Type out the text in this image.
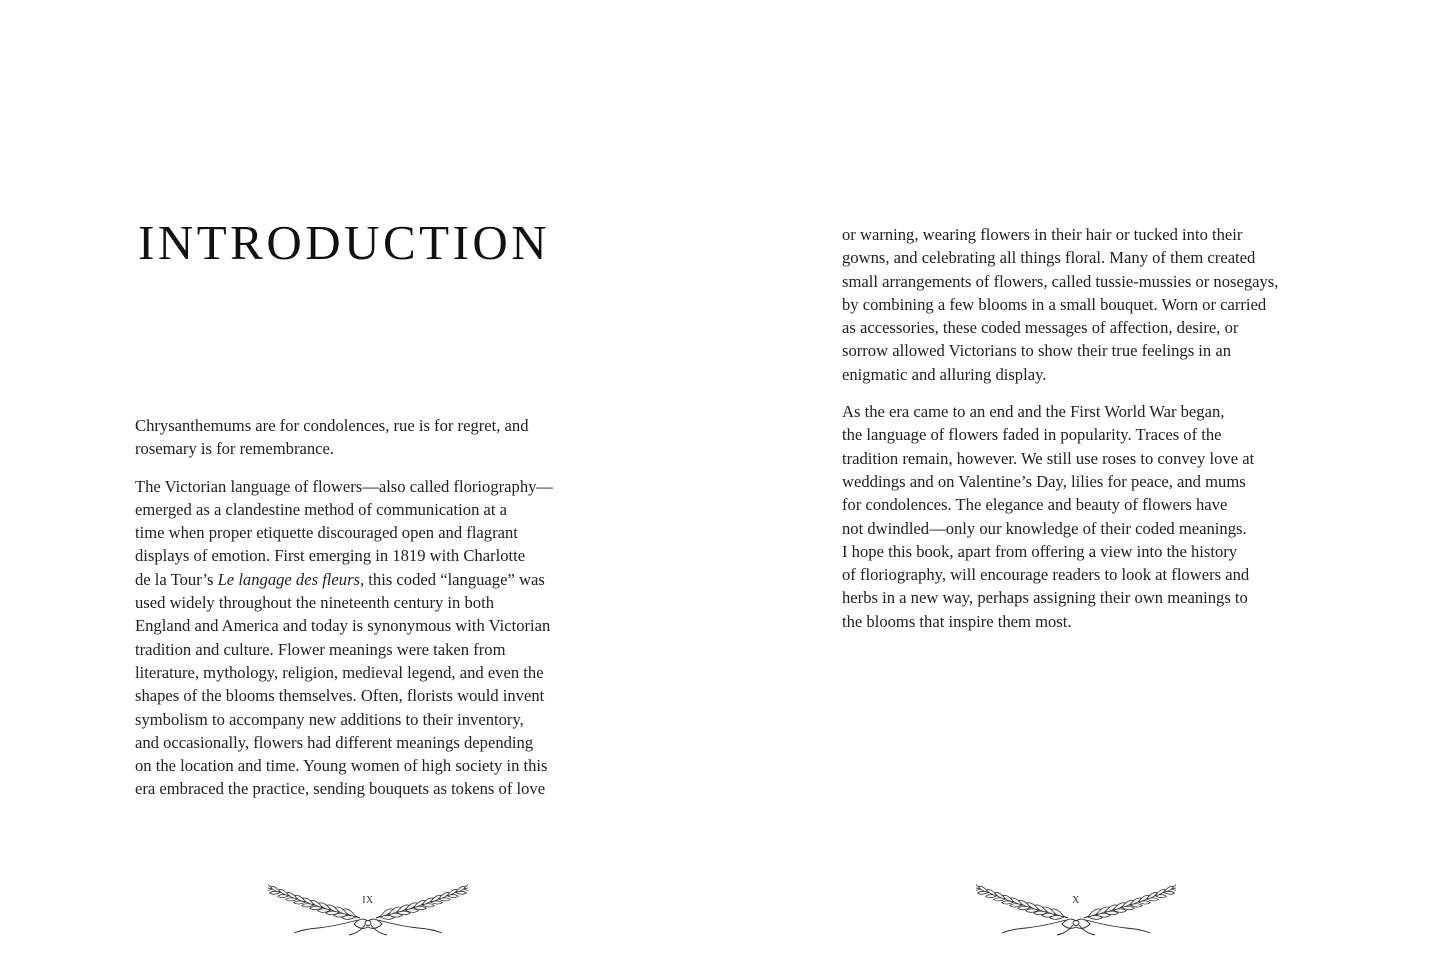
INTRODUCTION

Chrysanthemums are for condolences, rue is for regret, and
rosemary is for remembrance.

The Victorian language of flowers—also called floriography—
emerged as a clandestine method of communication at a
time when proper etiquette discouraged open and flagrant
displays of emotion. First emerging in 1819 with Charlotte
de la Tour’s Le langage des fleurs, this coded “language” was
used widely throughout the nineteenth century in both
England and America and today is synonymous with Victorian
tradition and culture. Flower meanings were taken from
literature, mythology, religion, medieval legend, and even the
shapes of the blooms themselves. Often, florists would invent
symbolism to accompany new additions to their inventory,
and occasionally, flowers had different meanings depending
on the location and time. Young women of high society in this
era embraced the practice, sending bouquets as tokens of love

IX

or warning, wearing flowers in their hair or tucked into their
gowns, and celebrating all things floral. Many of them created
small arrangements of flowers, called tussie-mussies or nosegays,
by combining a few blooms in a small bouquet. Worn or carried
as accessories, these coded messages of affection, desire, or
sorrow allowed Victorians to show their true feelings in an
enigmatic and alluring display.

As the era came to an end and the First World War began,
the language of flowers faded in popularity. Traces of the
tradition remain, however. We still use roses to convey love at
weddings and on Valentine’s Day, lilies for peace, and mums
for condolences. The elegance and beauty of flowers have
not dwindled—only our knowledge of their coded meanings.
I hope this book, apart from offering a view into the history
of floriography, will encourage readers to look at flowers and
herbs in a new way, perhaps assigning their own meanings to
the blooms that inspire them most.

X
